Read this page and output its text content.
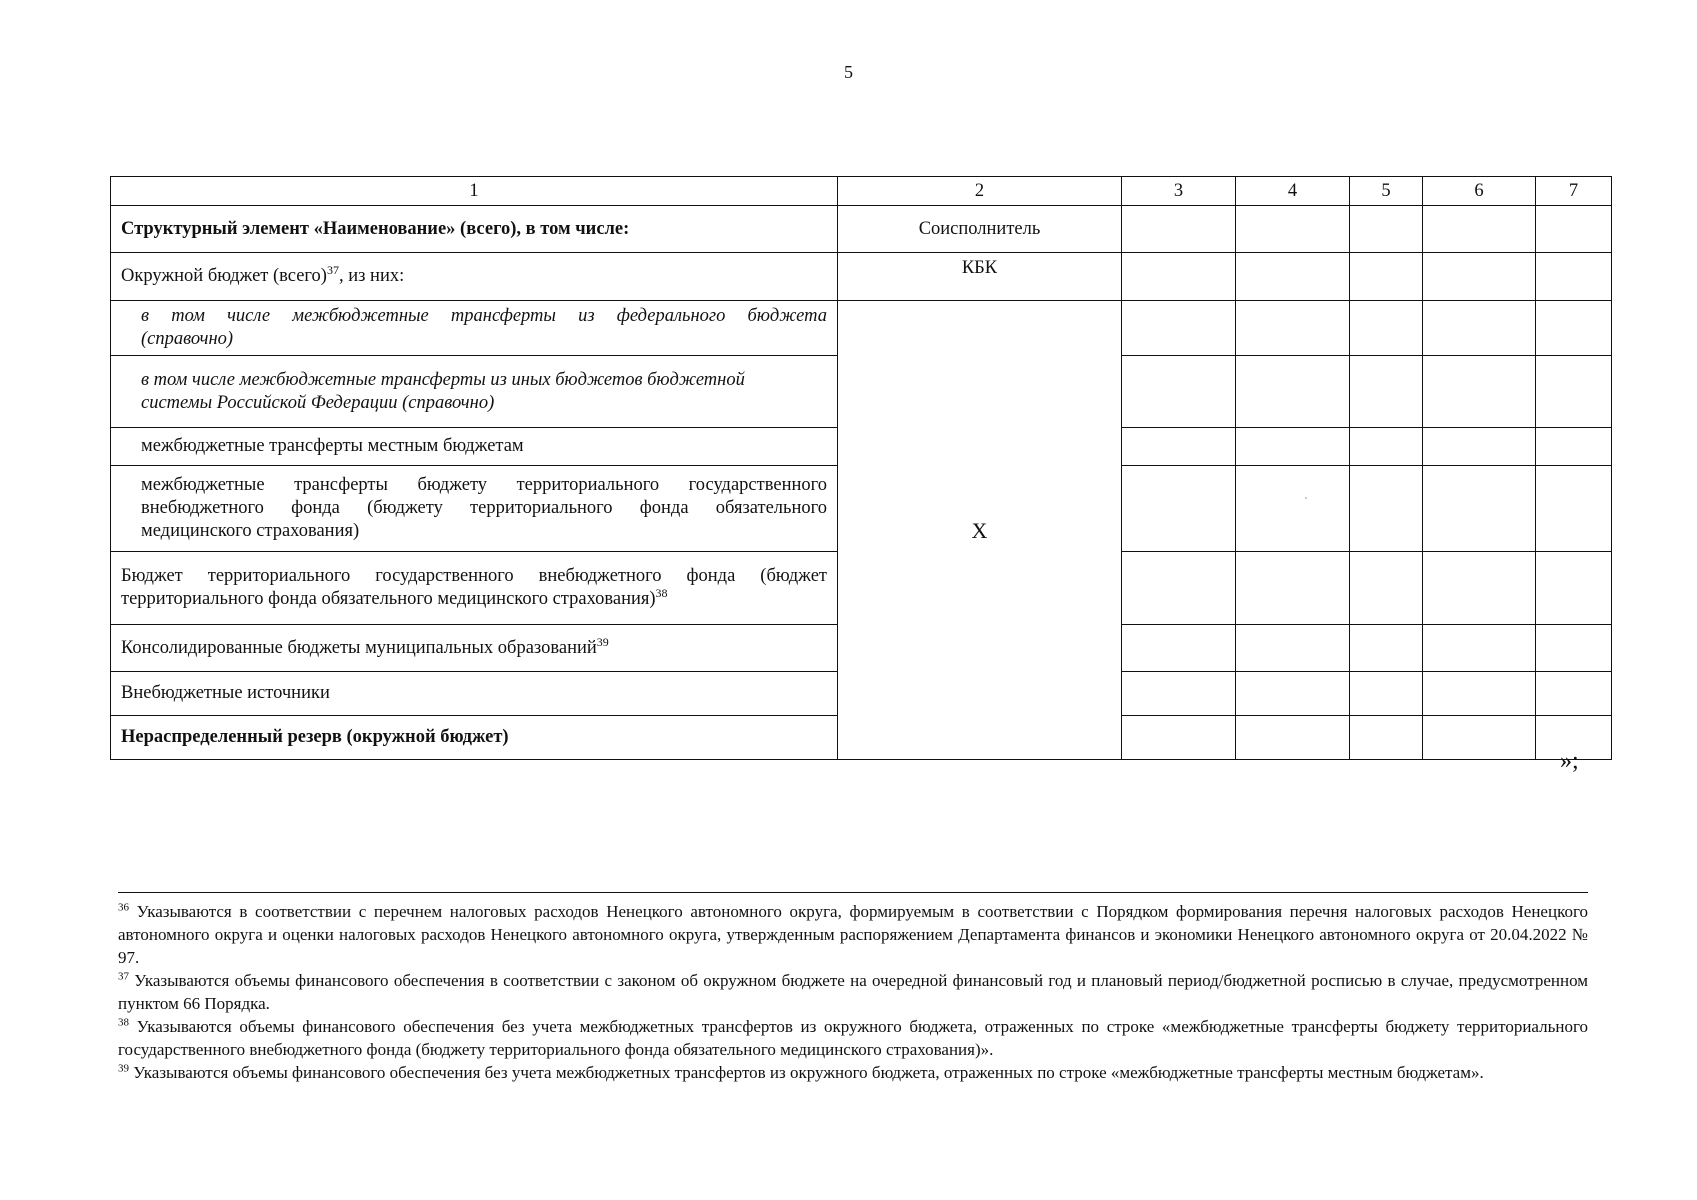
5
1	2	3	4	5	6	7
Структурный элемент «Наименование» (всего), в том числе:	Соисполнитель					
Окружной бюджет (всего)$^{37}$, из них:	КБК					
в том числе межбюджетные трансферты из федерального бюджета (справочно)	X					
в том числе межбюджетные трансферты из иных бюджетов бюджетной системы Российской Федерации (справочно)						
межбюджетные трансферты местным бюджетам						
межбюджетные трансферты бюджету территориального государственного внебюджетного фонда (бюджету территориального фонда обязательного медицинского страхования)						
Бюджет территориального государственного внебюджетного фонда (бюджет территориального фонда обязательного медицинского страхования)$^{38}$					
Консолидированные бюджеты муниципальных образований$^{39}$					
Внебюджетные источники						
Нераспределенный резерв (окружной бюджет)						
»;

$^{36}$ Указываются в соответствии с перечнем налоговых расходов Ненецкого автономного округа, формируемым в соответствии с Порядком формирования перечня налоговых расходов Ненецкого автономного округа и оценки налоговых расходов Ненецкого автономного округа, утвержденным распоряжением Департамента финансов и экономики Ненецкого автономного округа от 20.04.2022 № 97.

$^{37}$ Указываются объемы финансового обеспечения в соответствии с законом об окружном бюджете на очередной финансовый год и плановый период/бюджетной росписью в случае, предусмотренном пунктом 66 Порядка.

$^{38}$ Указываются объемы финансового обеспечения без учета межбюджетных трансфертов из окружного бюджета, отраженных по строке «межбюджетные трансферты бюджету территориального государственного внебюджетного фонда (бюджету территориального фонда обязательного медицинского страхования)».

$^{39}$ Указываются объемы финансового обеспечения без учета межбюджетных трансфертов из окружного бюджета, отраженных по строке «межбюджетные трансферты местным бюджетам».
